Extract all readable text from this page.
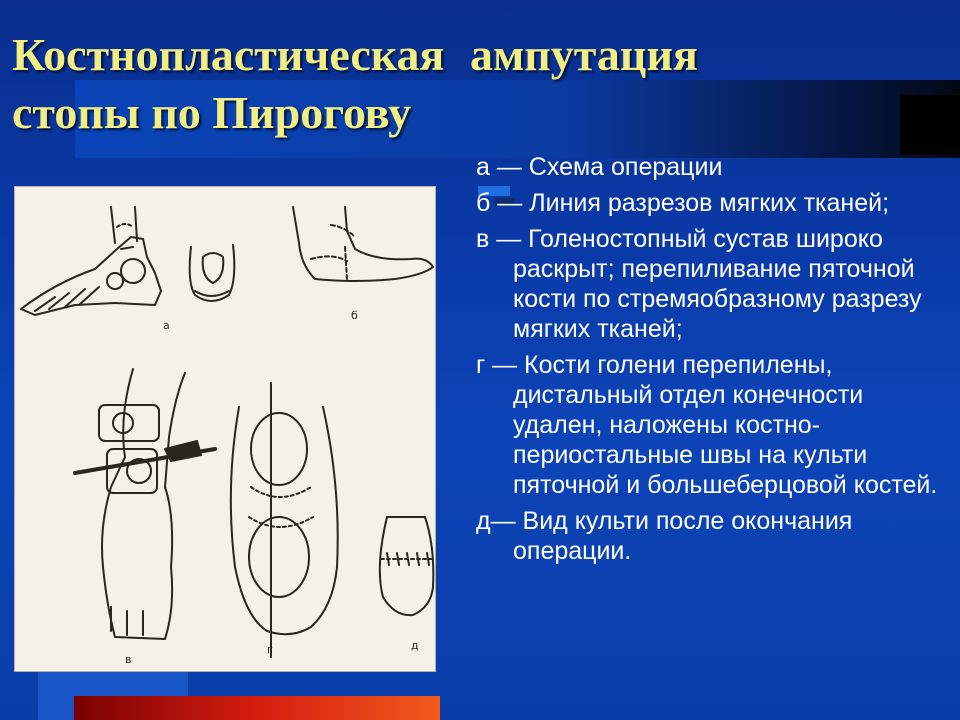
Костнопластическая ампутация
стопы по Пирогову
а
б
в
г	д
а — Схема операции
б — Линия разрезов мягких тканей;
в — Голеностопный сустав широко раскрыт; перепиливание пяточной кости по стремяобразному разрезу мягких тканей;
г — Кости голени перепилены, дистальный отдел конечности удален, наложены костно-периостальные швы на культи пяточной и большеберцовой костей.
д— Вид культи после окончания операции.
